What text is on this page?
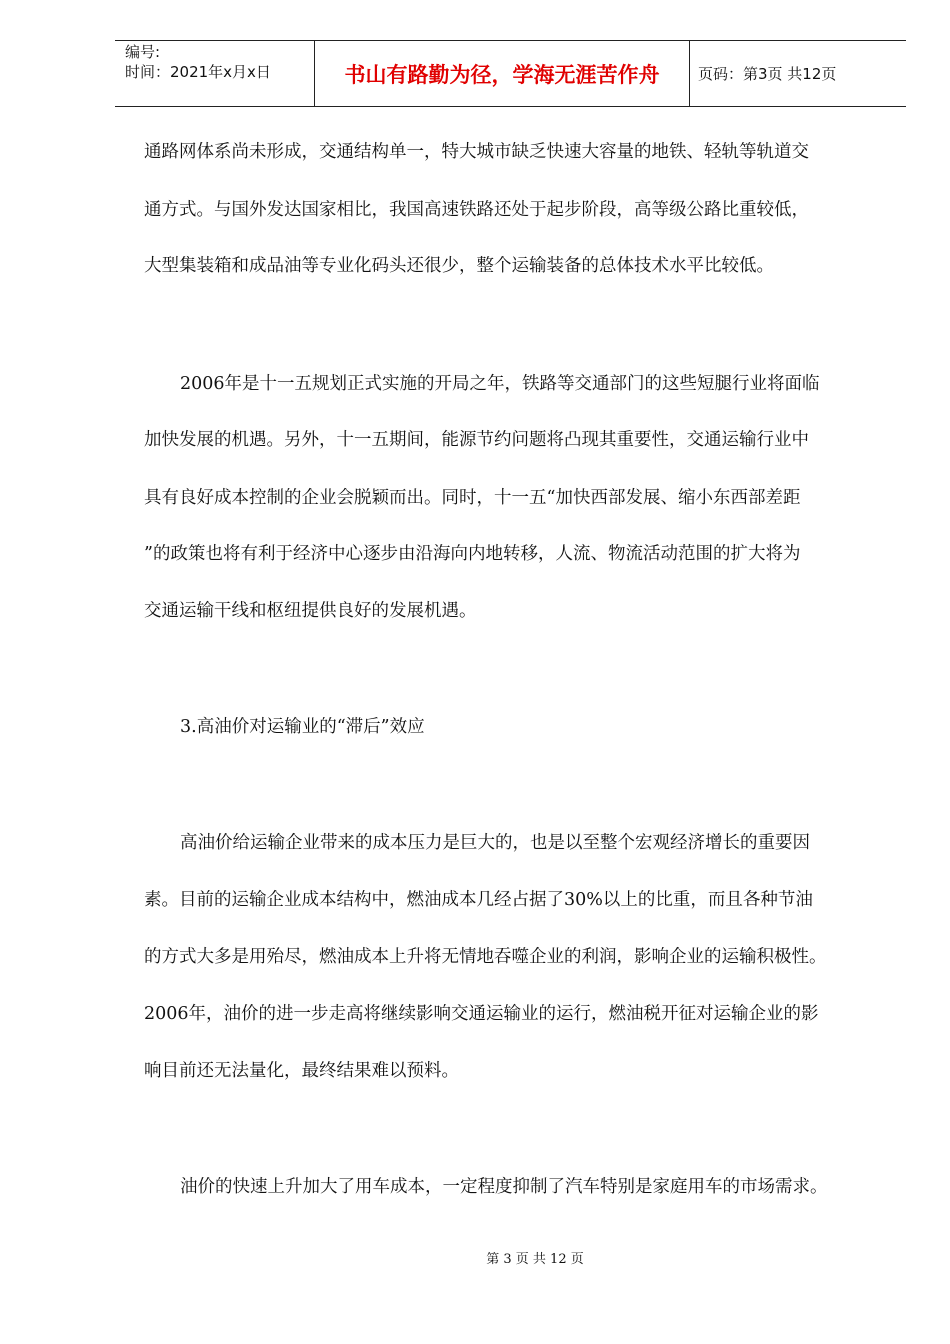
编号:
时间：2021年x月x日	书山有路勤为径，学海无涯苦作舟	页码：第3页 共12页
通路网体系尚未形成，交通结构单一，特大城市缺乏快速大容量的地铁、轻轨等轨道交
通方式。与国外发达国家相比，我国高速铁路还处于起步阶段，高等级公路比重较低，
大型集装箱和成品油等专业化码头还很少，整个运输装备的总体技术水平比较低。
2006年是十一五规划正式实施的开局之年，铁路等交通部门的这些短腿行业将面临
加快发展的机遇。另外，十一五期间，能源节约问题将凸现其重要性，交通运输行业中
具有良好成本控制的企业会脱颖而出。同时，十一五“加快西部发展、缩小东西部差距
”的政策也将有利于经济中心逐步由沿海向内地转移，人流、物流活动范围的扩大将为
交通运输干线和枢纽提供良好的发展机遇。
3.高油价对运输业的“滞后”效应
高油价给运输企业带来的成本压力是巨大的，也是以至整个宏观经济增长的重要因
素。目前的运输企业成本结构中，燃油成本几经占据了30%以上的比重，而且各种节油
的方式大多是用殆尽，燃油成本上升将无情地吞噬企业的利润，影响企业的运输积极性。
2006年，油价的进一步走高将继续影响交通运输业的运行，燃油税开征对运输企业的影
响目前还无法量化，最终结果难以预料。
油价的快速上升加大了用车成本，一定程度抑制了汽车特别是家庭用车的市场需求。
第 3 页 共 12 页
